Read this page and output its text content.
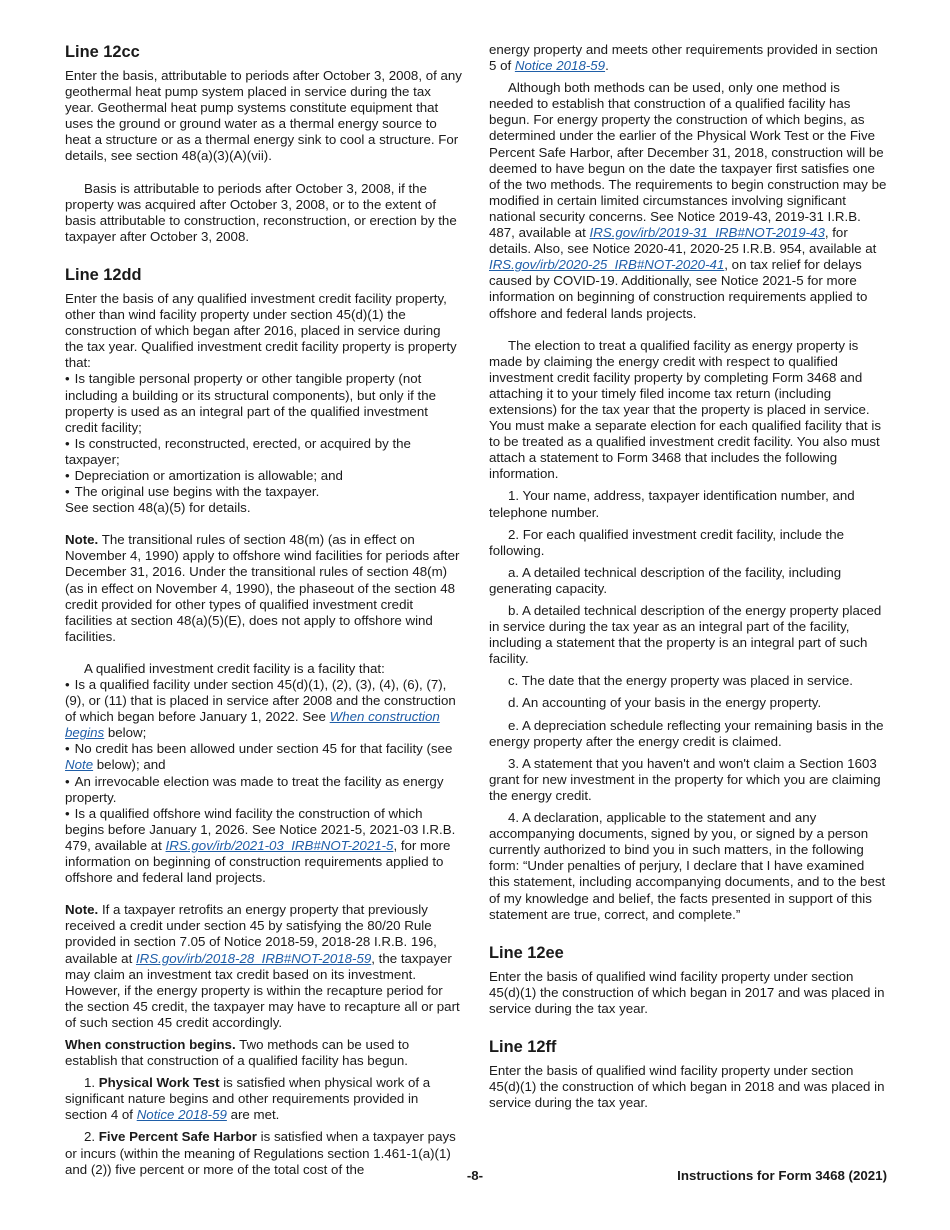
Line 12cc

Enter the basis, attributable to periods after October 3, 2008, of any geothermal heat pump system placed in service during the tax year. Geothermal heat pump systems constitute equipment that uses the ground or ground water as a thermal energy source to heat a structure or as a thermal energy sink to cool a structure. For details, see section 48(a)(3)(A)(vii).

Basis is attributable to periods after October 3, 2008, if the property was acquired after October 3, 2008, or to the extent of basis attributable to construction, reconstruction, or erection by the taxpayer after October 3, 2008.

Line 12dd

Enter the basis of any qualified investment credit facility property, other than wind facility property under section 45(d)(1) the construction of which began after 2016, placed in service during the tax year. Qualified investment credit facility property is property that:

• Is tangible personal property or other tangible property (not including a building or its structural components), but only if the property is used as an integral part of the qualified investment credit facility;

• Is constructed, reconstructed, erected, or acquired by the taxpayer;

• Depreciation or amortization is allowable; and

• The original use begins with the taxpayer.

See section 48(a)(5) for details.

Note. The transitional rules of section 48(m) (as in effect on November 4, 1990) apply to offshore wind facilities for periods after December 31, 2016. Under the transitional rules of section 48(m) (as in effect on November 4, 1990), the phaseout of the section 48 credit provided for other types of qualified investment credit facilities at section 48(a)(5)(E), does not apply to offshore wind facilities.

A qualified investment credit facility is a facility that:

• Is a qualified facility under section 45(d)(1), (2), (3), (4), (6), (7), (9), or (11) that is placed in service after 2008 and the construction of which began before January 1, 2022. See When construction begins below;

• No credit has been allowed under section 45 for that facility (see Note below); and

• An irrevocable election was made to treat the facility as energy property.

• Is a qualified offshore wind facility the construction of which begins before January 1, 2026. See Notice 2021-5, 2021-03 I.R.B. 479, available at IRS.gov/irb/2021-03_IRB#NOT-2021-5, for more information on beginning of construction requirements applied to offshore and federal land projects.

Note. If a taxpayer retrofits an energy property that previously received a credit under section 45 by satisfying the 80/20 Rule provided in section 7.05 of Notice 2018-59, 2018-28 I.R.B. 196, available at IRS.gov/irb/2018-28_IRB#NOT-2018-59, the taxpayer may claim an investment tax credit based on its investment. However, if the energy property is within the recapture period for the section 45 credit, the taxpayer may have to recapture all or part of such section 45 credit accordingly.

When construction begins. Two methods can be used to establish that construction of a qualified facility has begun.

1. Physical Work Test is satisfied when physical work of a significant nature begins and other requirements provided in section 4 of Notice 2018-59 are met.

2. Five Percent Safe Harbor is satisfied when a taxpayer pays or incurs (within the meaning of Regulations section 1.461-1(a)(1) and (2)) five percent or more of the total cost of the

energy property and meets other requirements provided in section 5 of Notice 2018-59.

Although both methods can be used, only one method is needed to establish that construction of a qualified facility has begun. For energy property the construction of which begins, as determined under the earlier of the Physical Work Test or the Five Percent Safe Harbor, after December 31, 2018, construction will be deemed to have begun on the date the taxpayer first satisfies one of the two methods. The requirements to begin construction may be modified in certain limited circumstances involving significant national security concerns. See Notice 2019-43, 2019-31 I.R.B. 487, available at IRS.gov/irb/2019-31_IRB#NOT-2019-43, for details. Also, see Notice 2020-41, 2020-25 I.R.B. 954, available at IRS.gov/irb/2020-25_IRB#NOT-2020-41, on tax relief for delays caused by COVID-19. Additionally, see Notice 2021-5 for more information on beginning of construction requirements applied to offshore and federal lands projects.

The election to treat a qualified facility as energy property is made by claiming the energy credit with respect to qualified investment credit facility property by completing Form 3468 and attaching it to your timely filed income tax return (including extensions) for the tax year that the property is placed in service. You must make a separate election for each qualified facility that is to be treated as a qualified investment credit facility. You also must attach a statement to Form 3468 that includes the following information.

1. Your name, address, taxpayer identification number, and telephone number.

2. For each qualified investment credit facility, include the following.

a. A detailed technical description of the facility, including generating capacity.

b. A detailed technical description of the energy property placed in service during the tax year as an integral part of the facility, including a statement that the property is an integral part of such facility.

c. The date that the energy property was placed in service.

d. An accounting of your basis in the energy property.

e. A depreciation schedule reflecting your remaining basis in the energy property after the energy credit is claimed.

3. A statement that you haven't and won't claim a Section 1603 grant for new investment in the property for which you are claiming the energy credit.

4. A declaration, applicable to the statement and any accompanying documents, signed by you, or signed by a person currently authorized to bind you in such matters, in the following form: “Under penalties of perjury, I declare that I have examined this statement, including accompanying documents, and to the best of my knowledge and belief, the facts presented in support of this statement are true, correct, and complete.”

Line 12ee

Enter the basis of qualified wind facility property under section 45(d)(1) the construction of which began in 2017 and was placed in service during the tax year.

Line 12ff

Enter the basis of qualified wind facility property under section 45(d)(1) the construction of which began in 2018 and was placed in service during the tax year.

-8-	Instructions for Form 3468 (2021)
